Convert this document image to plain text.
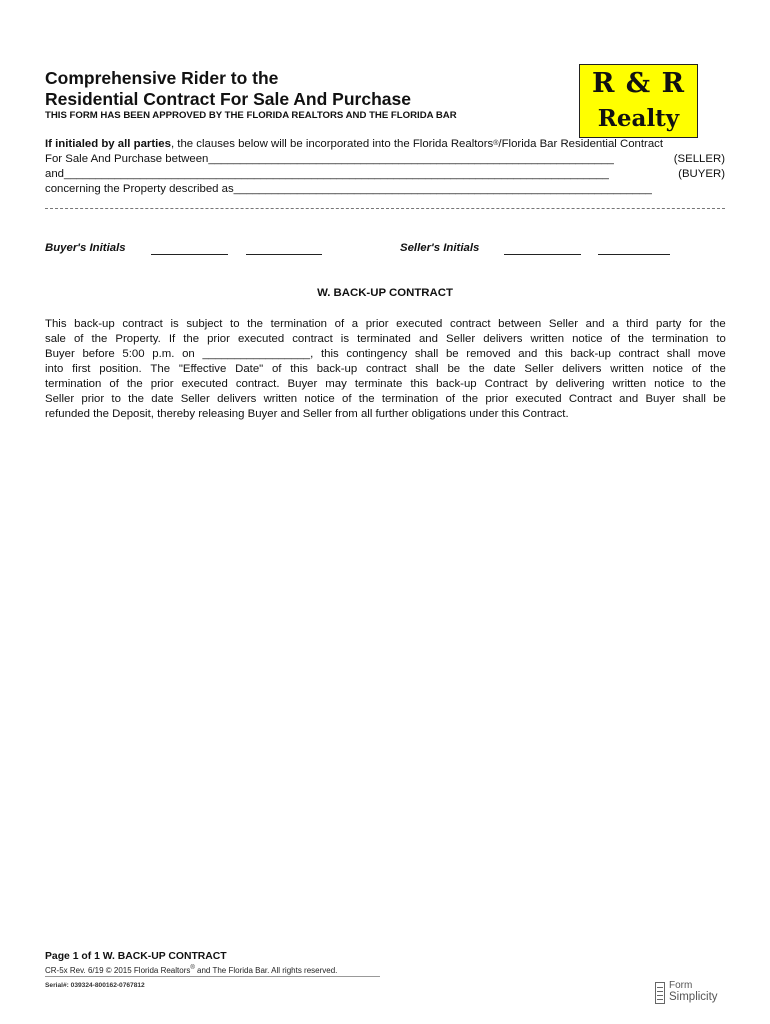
Comprehensive Rider to the
Residential Contract For Sale And Purchase
THIS FORM HAS BEEN APPROVED BY THE FLORIDA REALTORS AND THE FLORIDA BAR
R & R
Realty
If initialed by all parties, the clauses below will be incorporated into the Florida Realtors®/Florida Bar Residential Contract
For Sale And Purchase between________________________________________________________________	(SELLER)
and______________________________________________________________________________________	(BUYER)
concerning the Property described as__________________________________________________________________
Buyer's Initials	Seller's Initials
W. BACK-UP CONTRACT
This back-up contract is subject to the termination of a prior executed contract between Seller and a third party for the
sale of the Property. If the prior executed contract is terminated and Seller delivers written notice of the termination to
Buyer before 5:00 p.m. on _________________, this contingency shall be removed and this back-up contract shall move
into first position. The "Effective Date" of this back-up contract shall be the date Seller delivers written notice of the
termination of the prior executed contract. Buyer may terminate this back-up Contract by delivering written notice to the
Seller prior to the date Seller delivers written notice of the termination of the prior executed Contract and Buyer shall be
refunded the Deposit, thereby releasing Buyer and Seller from all further obligations under this Contract.
Page 1 of 1 W. BACK-UP CONTRACT
CR-5x Rev. 6/19 © 2015 Florida Realtors® and The Florida Bar. All rights reserved.
Serial#: 039324-800162-0767812	Form
Simplicity
